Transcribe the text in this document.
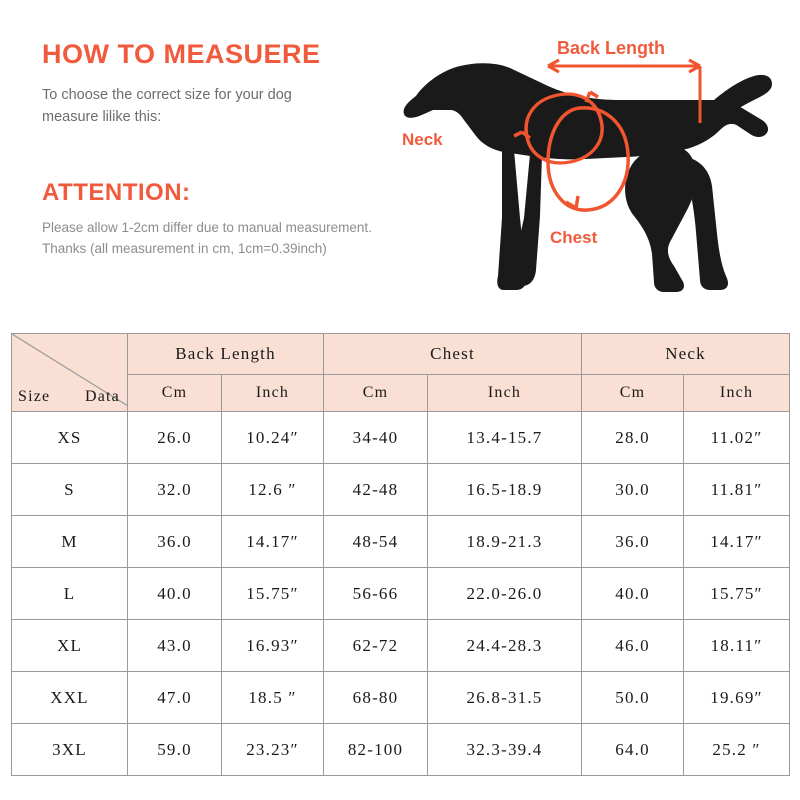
HOW TO MEASUERE
To choose the correct size for your dog measure lilike this:
ATTENTION:
Please allow 1-2cm differ due to manual measurement.
Thanks (all measurement in cm, 1cm=0.39inch)
Back Length
Neck
Chest
Data
Size	Back Length		Chest		Neck	
	Cm	Inch	Cm	Inch	Cm	Inch
XS	26.0	10.24″	34-40	13.4-15.7	28.0	11.02″
S	32.0	12.6 ″	42-48	16.5-18.9	30.0	11.81″
M	36.0	14.17″	48-54	18.9-21.3	36.0	14.17″
L	40.0	15.75″	56-66	22.0-26.0	40.0	15.75″
XL	43.0	16.93″	62-72	24.4-28.3	46.0	18.11″
XXL	47.0	18.5 ″	68-80	26.8-31.5	50.0	19.69″
3XL	59.0	23.23″	82-100	32.3-39.4	64.0	25.2 ″
